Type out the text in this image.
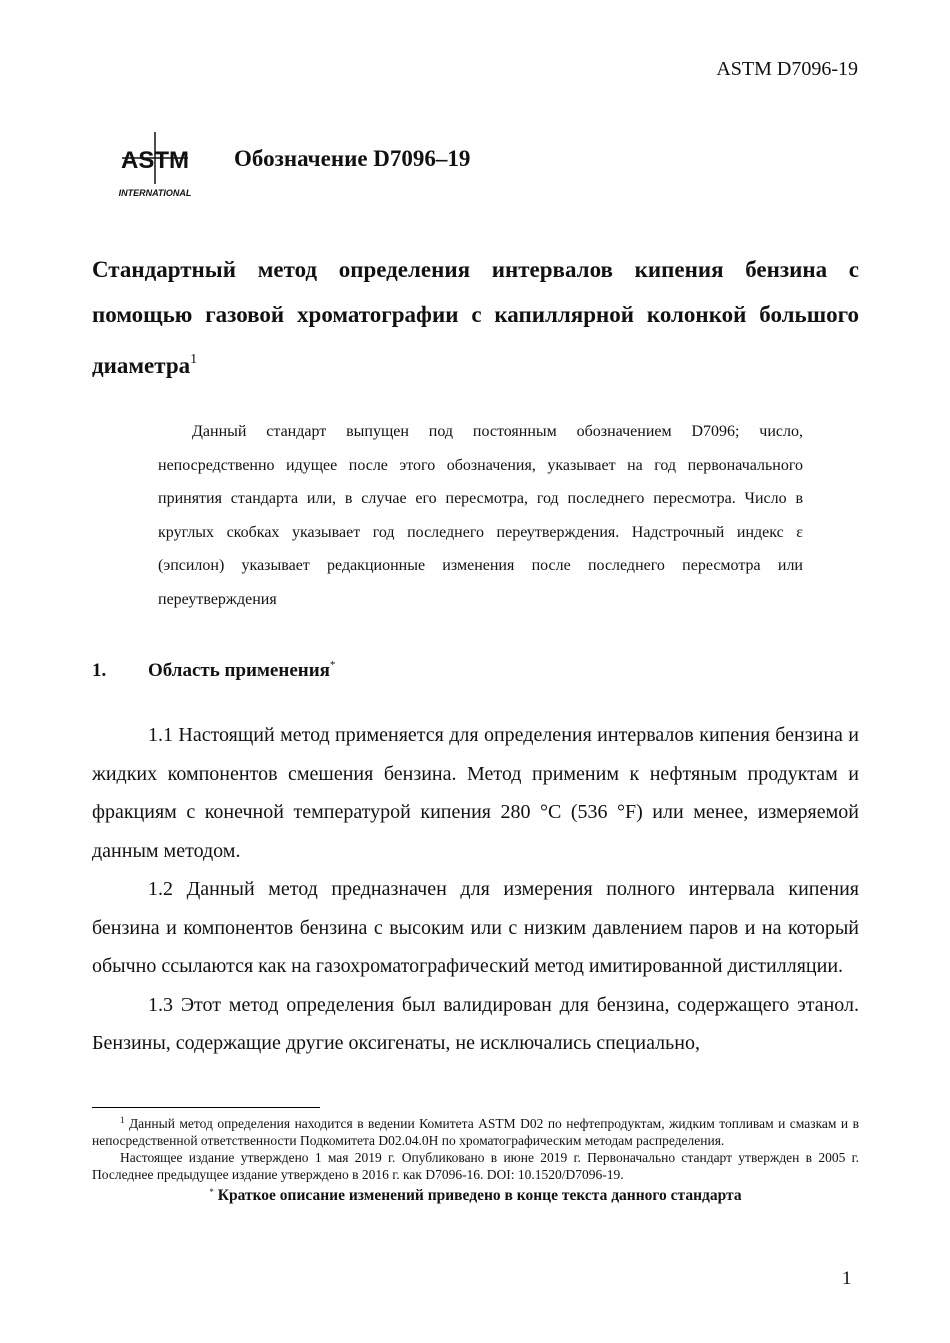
ASTM D7096-19
ASTM
INTERNATIONAL
Обозначение D7096–19
Стандартный метод определения интервалов кипения бензина с помощью газовой хроматографии с капиллярной колонкой большого диаметра$^1$

Данный стандарт выпущен под постоянным обозначением D7096; число, непосредственно идущее после этого обозначения, указывает на год первоначального принятия стандарта или, в случае его пересмотра, год последнего пересмотра. Число в круглых скобках указывает год последнего переутверждения. Надстрочный индекс ε (эпсилон) указывает редакционные изменения после последнего пересмотра или переутверждения

1. Область применения*

1.1 Настоящий метод применяется для определения интервалов кипения бензина и жидких компонентов смешения бензина. Метод применим к нефтяным продуктам и фракциям с конечной температурой кипения 280 °С (536 °F) или менее, измеряемой данным методом.

1.2 Данный метод предназначен для измерения полного интервала кипения бензина и компонентов бензина с высоким или с низким давлением паров и на который обычно ссылаются как на газохроматографический метод имитированной дистилляции.

1.3 Этот метод определения был валидирован для бензина, содержащего этанол. Бензины, содержащие другие оксигенаты, не исключались специально,

$^1$ Данный метод определения находится в ведении Комитета ASTM D02 по нефтепродуктам, жидким топливам и смазкам и в непосредственной ответственности Подкомитета D02.04.0H по хроматографическим методам распределения.

Настоящее издание утверждено 1 мая 2019 г. Опубликовано в июне 2019 г. Первоначально стандарт утвержден в 2005 г. Последнее предыдущее издание утверждено в 2016 г. как D7096-16. DOI: 10.1520/D7096-19.

* Краткое описание изменений приведено в конце текста данного стандарта
1
